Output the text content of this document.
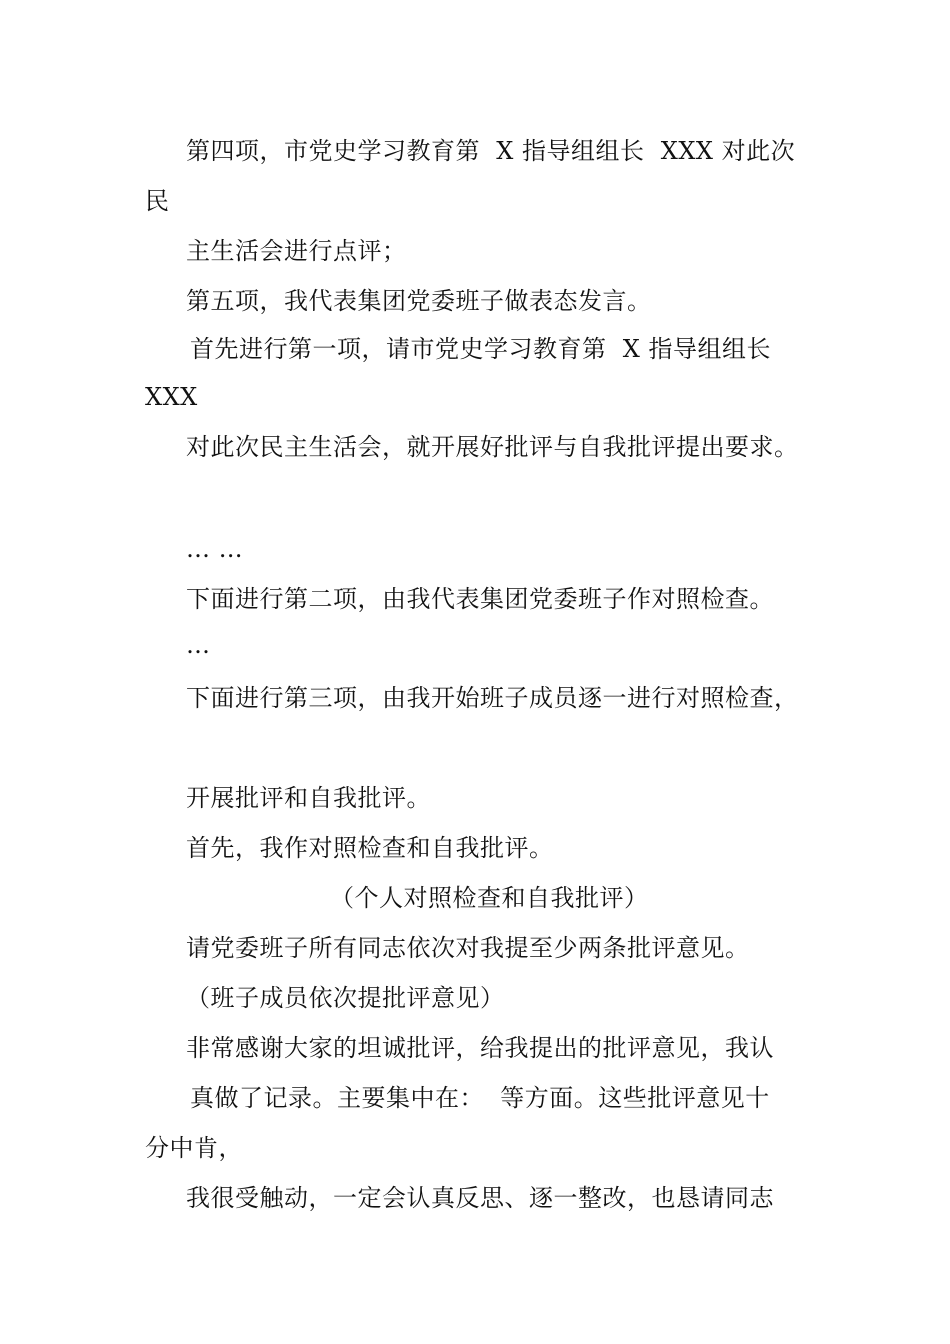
第四项，市党史学习教育第  X 指导组组长  XXX 对此次
民
主生活会进行点评；
第五项，我代表集团党委班子做表态发言。
首先进行第一项，请市党史学习教育第  X 指导组组长
XXX
对此次民主生活会，就开展好批评与自我批评提出要求。
… …
下面进行第二项，由我代表集团党委班子作对照检查。
…
下面进行第三项，由我开始班子成员逐一进行对照检查，
开展批评和自我批评。
首先，我作对照检查和自我批评。
（个人对照检查和自我批评）
请党委班子所有同志依次对我提至少两条批评意见。
（班子成员依次提批评意见）
非常感谢大家的坦诚批评，给我提出的批评意见，我认
真做了记录。主要集中在：  等方面。这些批评意见十
分中肯，
我很受触动，一定会认真反思、逐一整改，也恳请同志
